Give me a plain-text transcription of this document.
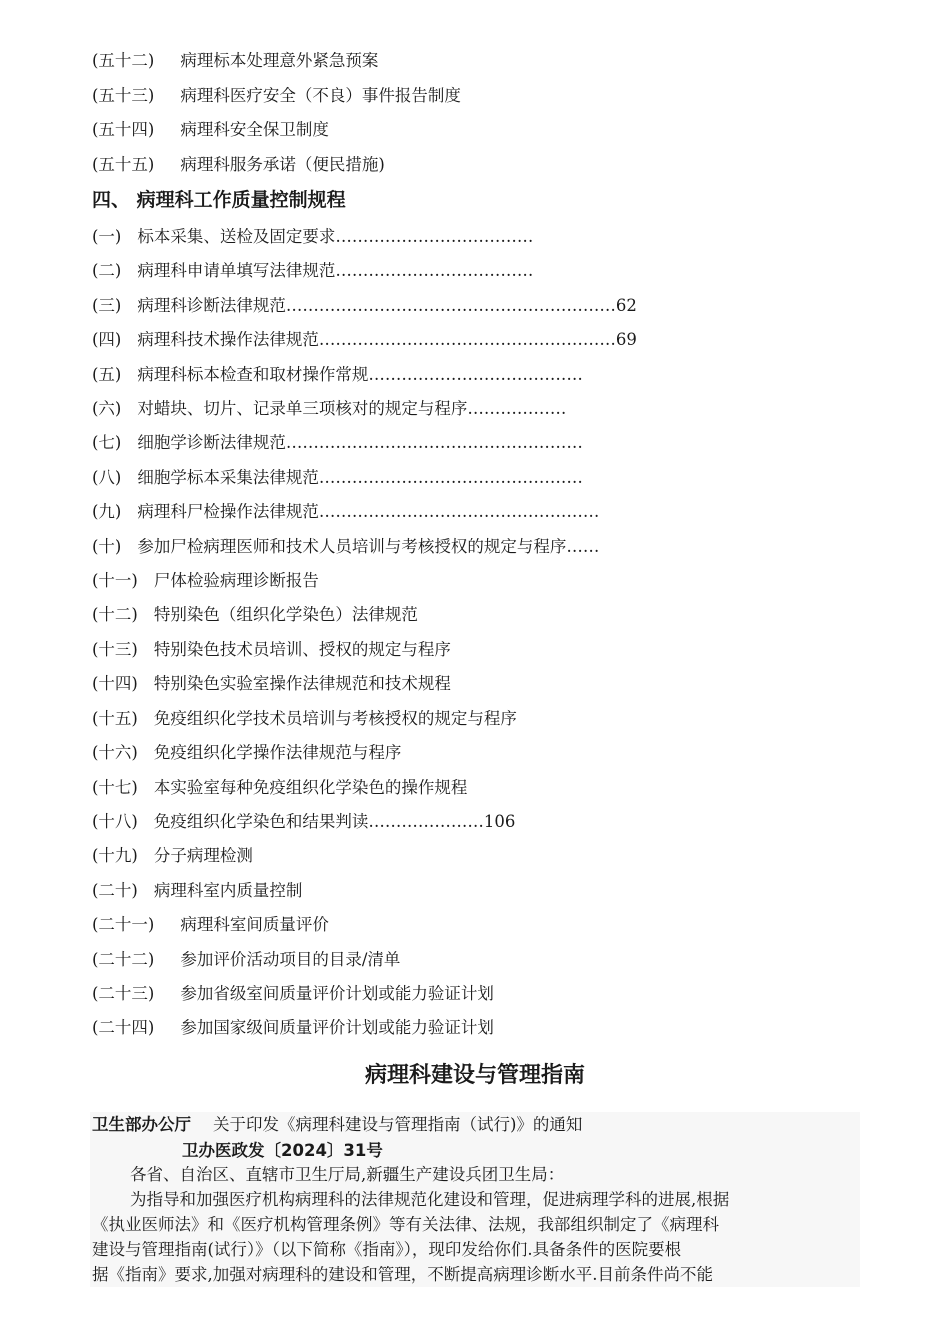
(五十二) 病理标本处理意外紧急预案
(五十三) 病理科医疗安全（不良）事件报告制度
(五十四) 病理科安全保卫制度
(五十五) 病理科服务承诺（便民措施)
四、 病理科工作质量控制规程
(一) 标本采集、送检及固定要求………………………………
(二) 病理科申请单填写法律规范………………………………
(三) 病理科诊断法律规范……………………………………………………62
(四) 病理科技术操作法律规范………………………………………………69
(五) 病理科标本检查和取材操作常规…………………………………
(六) 对蜡块、切片、记录单三项核对的规定与程序………………
(七) 细胞学诊断法律规范………………………………………………
(八) 细胞学标本采集法律规范…………………………………………
(九) 病理科尸检操作法律规范……………………………………………
(十) 参加尸检病理医师和技术人员培训与考核授权的规定与程序……
(十一) 尸体检验病理诊断报告
(十二) 特别染色（组织化学染色）法律规范
(十三) 特别染色技术员培训、授权的规定与程序
(十四) 特别染色实验室操作法律规范和技术规程
(十五) 免疫组织化学技术员培训与考核授权的规定与程序
(十六) 免疫组织化学操作法律规范与程序
(十七) 本实验室每种免疫组织化学染色的操作规程
(十八) 免疫组织化学染色和结果判读…………………106
(十九) 分子病理检测
(二十) 病理科室内质量控制
(二十一) 病理科室间质量评价
(二十二) 参加评价活动项目的目录/清单
(二十三) 参加省级室间质量评价计划或能力验证计划
(二十四) 参加国家级间质量评价计划或能力验证计划
病理科建设与管理指南
卫生部办公厅 关于印发《病理科建设与管理指南（试行)》的通知
卫办医政发〔2024〕31号
各省、自治区、直辖市卫生厅局,新疆生产建设兵团卫生局：
为指导和加强医疗机构病理科的法律规范化建设和管理，促进病理学科的进展,根据
《执业医师法》和《医疗机构管理条例》等有关法律、法规，我部组织制定了《病理科
建设与管理指南(试行）》（以下简称《指南》），现印发给你们.具备条件的医院要根
据《指南》要求,加强对病理科的建设和管理，不断提高病理诊断水平.目前条件尚不能
